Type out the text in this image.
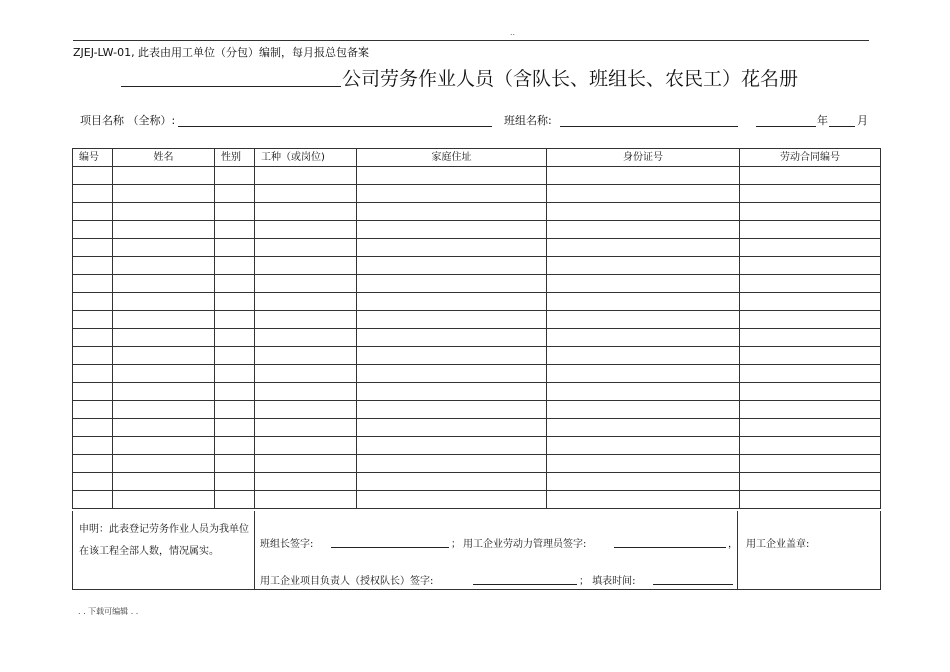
..
ZJEJ-LW-01, 此表由用工单位（分包）编制，每月报总包备案
公司劳务作业人员（含队长、班组长、农民工）花名册
项目名称 （全称）:	班组名称:	年	月
编号	姓名	性别	工种（或岗位)	家庭住址	身份证号	劳动合同编号

申明：此表登记劳务作业人员为我单位在该工程全部人数，情况属实。
班组长签字:	； 用工企业劳动力管理员签字:	， 用工企业盖章:
用工企业项目负责人（授权队长）签字:	； 填表时间:
. . 下载可编辑 . .
